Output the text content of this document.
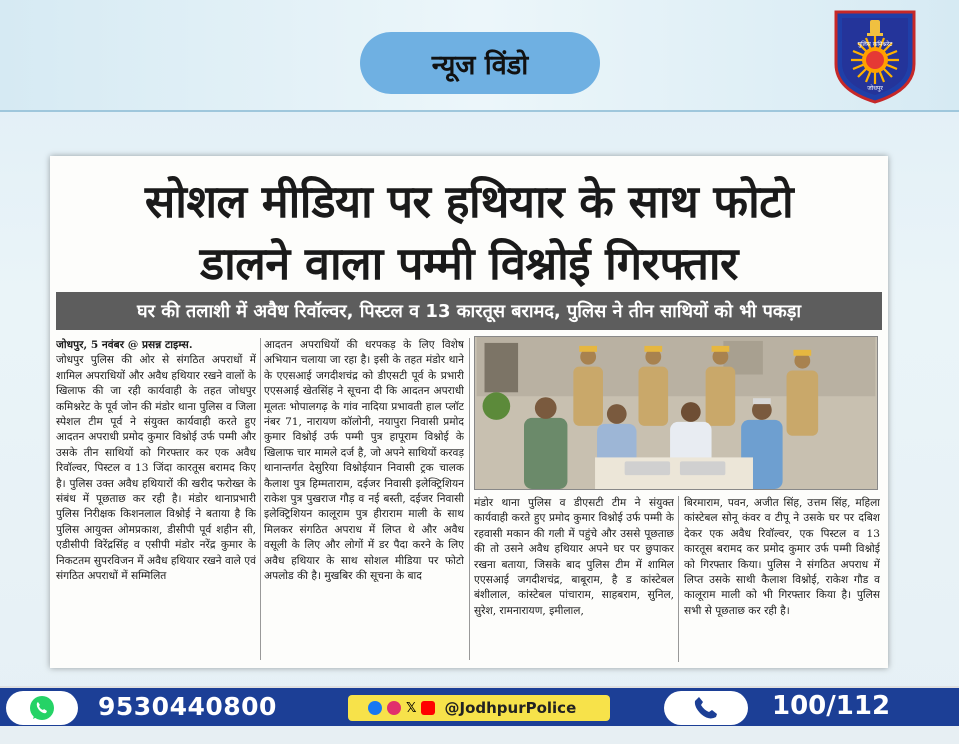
न्यूज विंडो
पुलिस कमिश्नरेट
जोधपुर
सोशल मीडिया पर हथियार के साथ फोटो
डालने वाला पम्मी विश्नोई गिरफ्तार
घर की तलाशी में अवैध रिवॉल्वर, पिस्टल व 13 कारतूस बरामद, पुलिस ने तीन साथियों को भी पकड़ा
जोधपुर, 5 नवंबर @ प्रसन्न टाइम्स.
जोधपुर पुलिस की ओर से संगठित अपराधों में शामिल अपराधियों और अवैध हथियार रखने वालों के खिलाफ की जा रही कार्यवाही के तहत जोधपुर कमिश्नरेट के पूर्व जोन की मंडोर थाना पुलिस व जिला स्पेशल टीम पूर्व ने संयुक्त कार्यवाही करते हुए आदतन अपराधी प्रमोद कुमार विश्नोई उर्फ पम्मी और उसके तीन साथियों को गिरफ्तार कर एक अवैध रिवॉल्वर, पिस्टल व 13 जिंदा कारतूस बरामद किए है। पुलिस उक्त अवैध हथियारों की खरीद फरोख्त के संबंध में पूछताछ कर रही है। मंडोर थानाप्रभारी पुलिस निरीक्षक किशनलाल विश्नोई ने बताया है कि पुलिस आयुक्त ओमप्रकाश, डीसीपी पूर्व शहीन सी, एडीसीपी विरेंद्रसिंह व एसीपी मंडोर नरेंद्र कुमार के निकटतम सुपरविजन में अवैध हथियार रखने वाले एवं संगठित अपराधों में सम्मिलित
आदतन अपराधियों की धरपकड़ के लिए विशेष अभियान चलाया जा रहा है। इसी के तहत मंडोर थाने के एएसआई जगदीशचंद्र को डीएसटी पूर्व के प्रभारी एएसआई खेतसिंह ने सूचना दी कि आदतन अपराधी मूलतः भोपालगढ़ के गांव नादिया प्रभावती हाल प्लॉट नंबर 71, नारायण कॉलोनी, नयापुरा निवासी प्रमोद कुमार विश्नोई उर्फ पम्मी पुत्र हापूराम विश्नोई के खिलाफ चार मामले दर्ज है, जो अपने साथियों करवड़ थानान्तर्गत देसुरिया विश्नोईयान निवासी ट्रक चालक कैलाश पुत्र हिम्मताराम, दईजर निवासी इलेक्ट्रिशियन राकेश पुत्र पुखराज गौड़ व नई बस्ती, दईजर निवासी इलेक्ट्रिशियन कालूराम पुत्र हीराराम माली के साथ मिलकर संगठित अपराध में लिप्त थे और अवैध वसूली के लिए और लोगों में डर पैदा करने के लिए अवैध हथियार के साथ सोशल मीडिया पर फोटो अपलोड की है। मुखबिर की सूचना के बाद
मंडोर थाना पुलिस व डीएसटी टीम ने संयुक्त कार्यवाही करते हुए प्रमोद कुमार विश्नोई उर्फ पम्मी के रहवासी मकान की गली में पहुंचे और उससे पूछताछ की तो उसने अवैध हथियार अपने घर पर छुपाकर रखना बताया, जिसके बाद पुलिस टीम में शामिल एएसआई जगदीशचंद्र, बाबूराम, है ड कांस्टेबल बंशीलाल, कांस्टेबल पांचाराम, साहबराम, सुनिल, सुरेश, रामनारायण, इमीलाल,
बिरमाराम, पवन, अजीत सिंह, उत्तम सिंह, महिला कांस्टेबल सोनू कंवर व टीपू ने उसके घर पर दबिश देकर एक अवैध रिवॉल्वर, एक पिस्टल व 13 कारतूस बरामद कर प्रमोद कुमार उर्फ पम्मी विश्नोई को गिरफ्तार किया। पुलिस ने संगठित अपराध में लिप्त उसके साथी कैलाश विश्नोई, राकेश गौड व कालूराम माली को भी गिरफ्तार किया है। पुलिस सभी से पूछताछ कर रही है।
9530440800	𝕏 @JodhpurPolice	100/112
